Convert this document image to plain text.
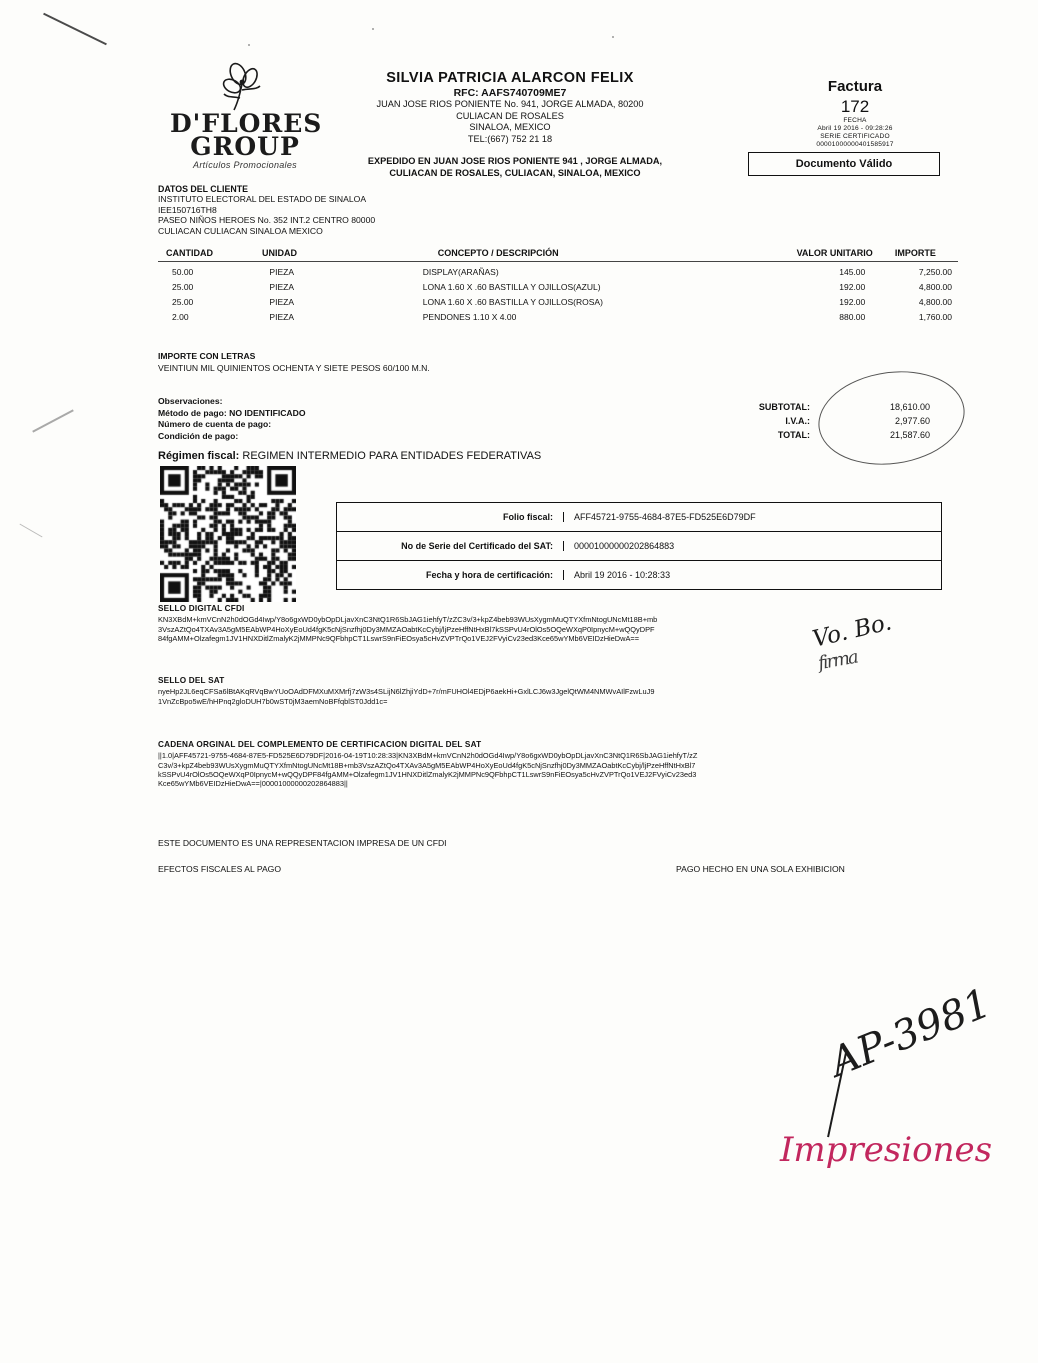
D'FLORES
GROUP
Artículos Promocionales
SILVIA PATRICIA ALARCON FELIX
RFC: AAFS740709ME7
JUAN JOSE RIOS PONIENTE No. 941, JORGE ALMADA, 80200
CULIACAN DE ROSALES
SINALOA, MEXICO
TEL:(667) 752 21 18
Factura
172
FECHA
Abril 19 2016 - 09:28:26
SERIE CERTIFICADO
00001000000401585917
Documento Válido
EXPEDIDO EN JUAN JOSE RIOS PONIENTE 941 , JORGE ALMADA,
CULIACAN DE ROSALES, CULIACAN, SINALOA, MEXICO
DATOS DEL CLIENTE
INSTITUTO ELECTORAL DEL ESTADO DE SINALOA
IEE150716TH8
PASEO NIÑOS HEROES No. 352 INT.2 CENTRO 80000
CULIACAN CULIACAN SINALOA MEXICO
CANTIDAD	UNIDAD	CONCEPTO / DESCRIPCIÓN	VALOR UNITARIO	IMPORTE
50.00	PIEZA	DISPLAY(ARAÑAS)	145.00	7,250.00
25.00	PIEZA	LONA 1.60 X .60 BASTILLA Y OJILLOS(AZUL)	192.00	4,800.00
25.00	PIEZA	LONA 1.60 X .60 BASTILLA Y OJILLOS(ROSA)	192.00	4,800.00
2.00	PIEZA	PENDONES 1.10 X 4.00	880.00	1,760.00
IMPORTE CON LETRAS
VEINTIUN MIL QUINIENTOS OCHENTA Y SIETE PESOS 60/100 M.N.
Observaciones:
Método de pago: NO IDENTIFICADO
Número de cuenta de pago:
Condición de pago:
Régimen fiscal: REGIMEN INTERMEDIO PARA ENTIDADES FEDERATIVAS
SUBTOTAL:	18,610.00
I.V.A.:	2,977.60
TOTAL:	21,587.60
Folio fiscal:	AFF45721-9755-4684-87E5-FD525E6D79DF
No de Serie del Certificado del SAT:	00001000000202864883
Fecha y hora de certificación:	Abril 19 2016 - 10:28:33
SELLO DIGITAL CFDI
KN3XBdM+kmVCnN2h0dOGd4Iwp/Y8o6gxWD0ybOpDLjavXnC3NtQ1R6SbJAG1iehfyT/zZC3v/3+kpZ4beb93WUsXygmMuQTYXfmNtogUNcMt18B+mb3VszAZtQo4TXAv3A5gM5EAbWP4HoXyEoUd4fgK5cNjSnzfhj0Dy3MMZAOabtKcCybj/ljPzeHffNtHxBl7kSSPvU4rOlOs5OQeWXqP0IpnycM+wQQyDPF84fgAMM+Olzafegm1JV1HNXDitlZmalyK2jMMPNc9QFbhpCT1LswrS9nFiEOsya5cHvZVPTrQo1VEJ2FVyiCv23ed3Kce65wYMb6VEIDzHieDwA==
SELLO DEL SAT
nyeHp2JL6eqCFSa6lBtAKqRVqBwYUoOAdDFMXuMXMrfj7zW3s4SLijN6lZhjiYdD+7r/mFUHOl4EDjP6aekHi+GxlLCJ6w3JgelQtWM4NMWvAIlFzwLuJ91VnZcBpo5wE/hHPnq2gloDUH7b0wST0jM3aemNoBFfqblST0Jdd1c=
CADENA ORGINAL DEL COMPLEMENTO DE CERTIFICACION DIGITAL DEL SAT
||1.0|AFF45721-9755-4684-87E5-FD525E6D79DF|2016-04-19T10:28:33|KN3XBdM+kmVCnN2h0dOGd4Iwp/Y8o6gxWD0ybOpDLjavXnC3NtQ1R6SbJAG1iehfyT/zZC3v/3+kpZ4beb93WUsXygmMuQTYXfmNtogUNcMt18B+mb3VszAZtQo4TXAv3A5gM5EAbWP4HoXyEoUd4fgK5cNjSnzfhj0Dy3MMZAOabtKcCybj/ljPzeHffNtHxBl7kSSPvU4rOlOs5OQeWXqP0IpnycM+wQQyDPF84fgAMM+Olzafegm1JV1HNXDitlZmalyK2jMMPNc9QFbhpCT1LswrS9nFiEOsya5cHvZVPTrQo1VEJ2FVyiCv23ed3Kce65wYMb6VEIDzHieDwA==|00001000000202864883||
ESTE DOCUMENTO ES UNA REPRESENTACION IMPRESA DE UN CFDI
EFECTOS FISCALES AL PAGO	PAGO HECHO EN UNA SOLA EXHIBICION
Vo. Bo.
firma
AP-3981
Impresiones
